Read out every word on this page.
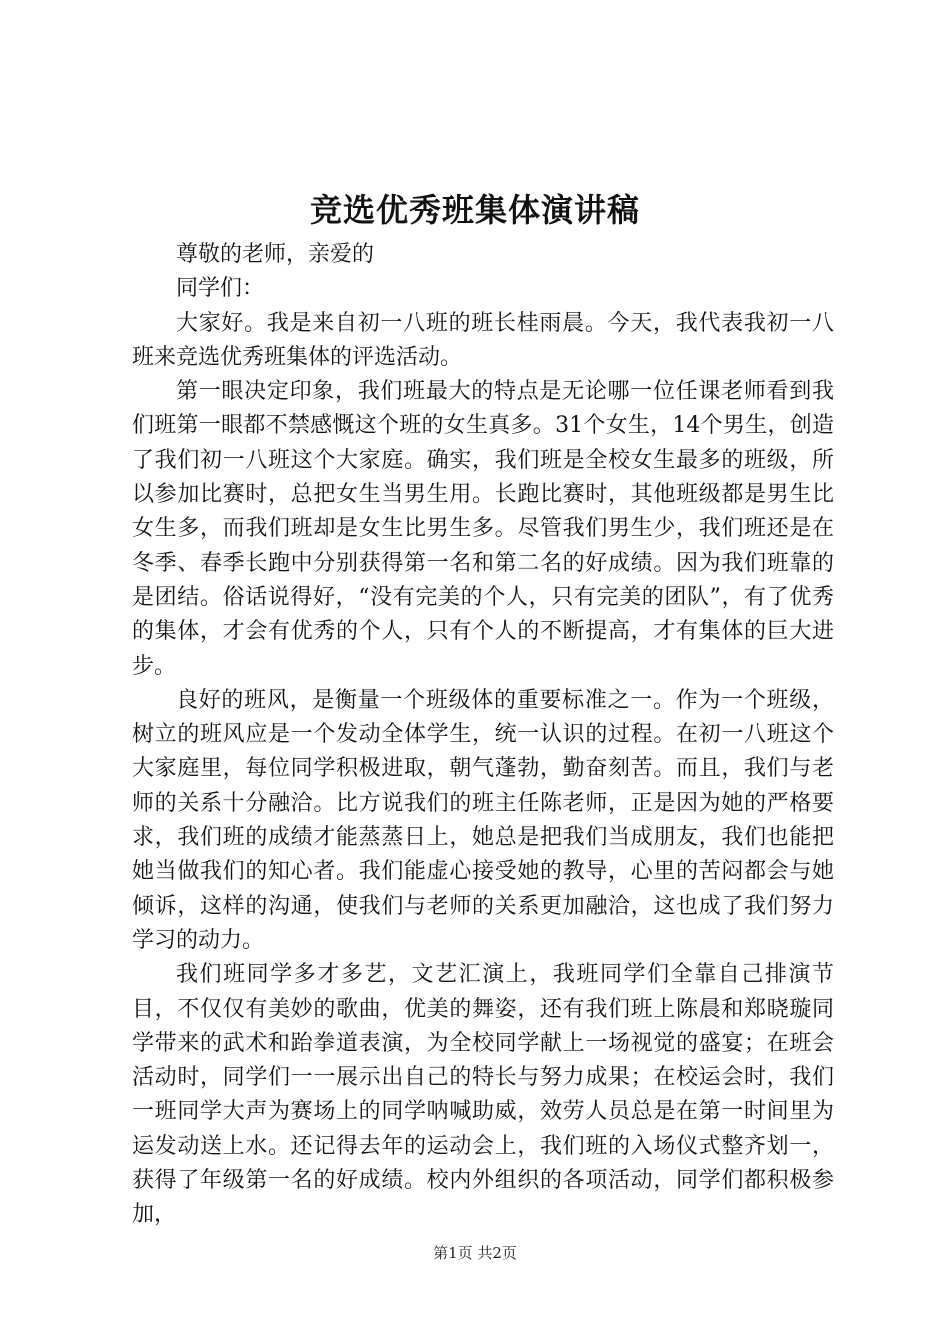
竞选优秀班集体演讲稿

尊敬的老师，亲爱的

同学们：

大家好。我是来自初一八班的班长桂雨晨。今天，我代表我初一八班来竞选优秀班集体的评选活动。

第一眼决定印象，我们班最大的特点是无论哪一位任课老师看到我们班第一眼都不禁感慨这个班的女生真多。31个女生，14个男生，创造了我们初一八班这个大家庭。确实，我们班是全校女生最多的班级，所以参加比赛时，总把女生当男生用。长跑比赛时，其他班级都是男生比女生多，而我们班却是女生比男生多。尽管我们男生少，我们班还是在冬季、春季长跑中分别获得第一名和第二名的好成绩。因为我们班靠的是团结。俗话说得好，“没有完美的个人，只有完美的团队”，有了优秀的集体，才会有优秀的个人，只有个人的不断提高，才有集体的巨大进步。

良好的班风，是衡量一个班级体的重要标准之一。作为一个班级，树立的班风应是一个发动全体学生，统一认识的过程。在初一八班这个大家庭里，每位同学积极进取，朝气蓬勃，勤奋刻苦。而且，我们与老师的关系十分融洽。比方说我们的班主任陈老师，正是因为她的严格要求，我们班的成绩才能蒸蒸日上，她总是把我们当成朋友，我们也能把她当做我们的知心者。我们能虚心接受她的教导，心里的苦闷都会与她倾诉，这样的沟通，使我们与老师的关系更加融洽，这也成了我们努力学习的动力。

我们班同学多才多艺，文艺汇演上，我班同学们全靠自己排演节目，不仅仅有美妙的歌曲，优美的舞姿，还有我们班上陈晨和郑晓璇同学带来的武术和跆拳道表演，为全校同学献上一场视觉的盛宴；在班会活动时，同学们一一展示出自己的特长与努力成果；在校运会时，我们一班同学大声为赛场上的同学呐喊助威，效劳人员总是在第一时间里为运发动送上水。还记得去年的运动会上，我们班的入场仪式整齐划一，获得了年级第一名的好成绩。校内外组织的各项活动，同学们都积极参加，

第1页 共2页
